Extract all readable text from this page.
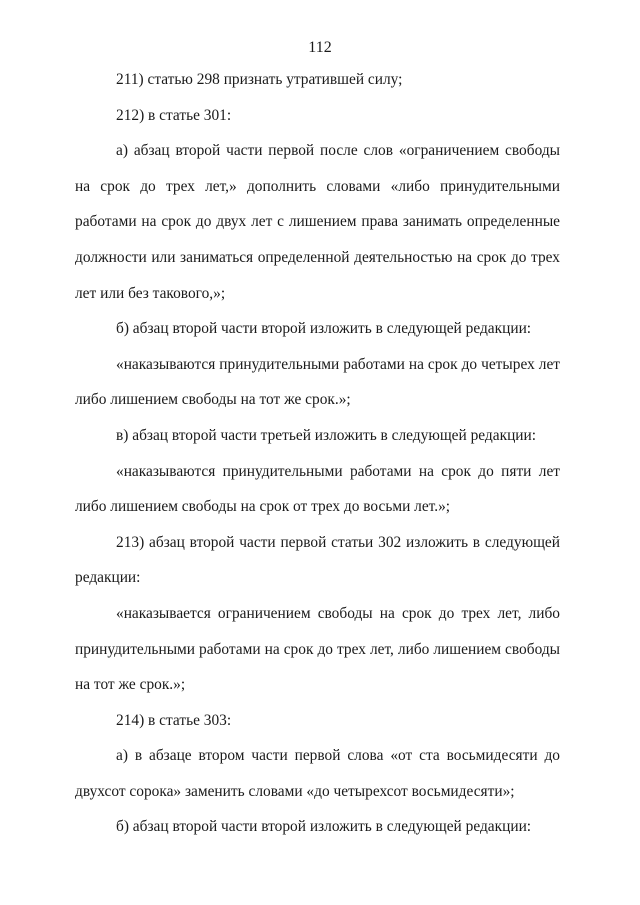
112

211) статью 298 признать утратившей силу;

212) в статье 301:

а) абзац второй части первой после слов «ограничением свободы на срок до трех лет,» дополнить словами «либо принудительными работами на срок до двух лет с лишением права занимать определенные должности или заниматься определенной деятельностью на срок до трех лет или без такового,»;

б) абзац второй части второй изложить в следующей редакции:

«наказываются принудительными работами на срок до четырех лет либо лишением свободы на тот же срок.»;

в) абзац второй части третьей изложить в следующей редакции:

«наказываются принудительными работами на срок до пяти лет либо лишением свободы на срок от трех до восьми лет.»;

213) абзац второй части первой статьи 302 изложить в следующей редакции:

«наказывается ограничением свободы на срок до трех лет, либо принудительными работами на срок до трех лет, либо лишением свободы на тот же срок.»;

214) в статье 303:

а) в абзаце втором части первой слова «от ста восьмидесяти до двухсот сорока» заменить словами «до четырехсот восьмидесяти»;

б) абзац второй части второй изложить в следующей редакции:
